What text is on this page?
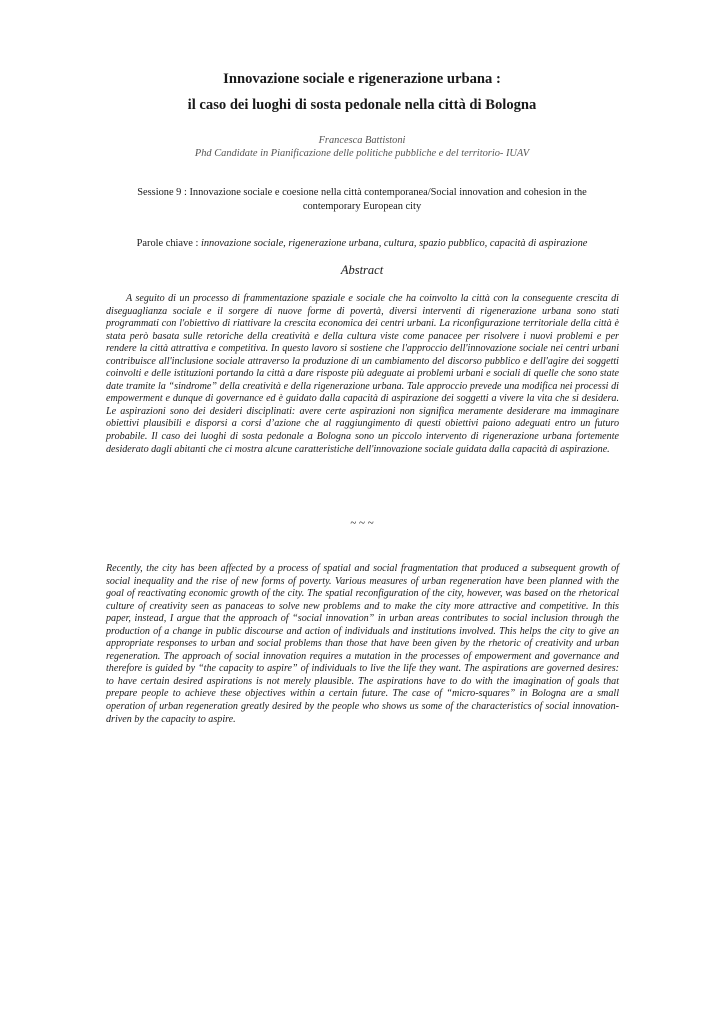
Innovazione sociale e rigenerazione urbana :
il caso dei luoghi di sosta pedonale nella città di Bologna
Francesca Battistoni
Phd Candidate in Pianificazione delle politiche pubbliche e del territorio- IUAV
Sessione 9 : Innovazione sociale e coesione nella città contemporanea/Social innovation and cohesion in the contemporary European city
Parole chiave : innovazione sociale, rigenerazione urbana, cultura, spazio pubblico, capacità di aspirazione
Abstract

A seguito di un processo di frammentazione spaziale e sociale che ha coinvolto la città con la conseguente crescita di diseguaglianza sociale e il sorgere di nuove forme di povertà, diversi interventi di rigenerazione urbana sono stati programmati con l'obiettivo di riattivare la crescita economica dei centri urbani. La riconfigurazione territoriale della città è stata però basata sulle retoriche della creatività e della cultura viste come panacee per risolvere i nuovi problemi e per rendere la città attrattiva e competitiva. In questo lavoro si sostiene che l'approccio dell'innovazione sociale nei centri urbani contribuisce all'inclusione sociale attraverso la produzione di un cambiamento del discorso pubblico e dell'agire dei soggetti coinvolti e delle istituzioni portando la città a dare risposte più adeguate ai problemi urbani e sociali di quelle che sono state date tramite la “sindrome” della creatività e della rigenerazione urbana. Tale approccio prevede una modifica nei processi di empowerment e dunque di governance ed è guidato dalla capacità di aspirazione dei soggetti a vivere la vita che si desidera. Le aspirazioni sono dei desideri disciplinati: avere certe aspirazioni non significa meramente desiderare ma immaginare obiettivi plausibili e disporsi a corsi d’azione che al raggiungimento di questi obiettivi paiono adeguati entro un futuro probabile. Il caso dei luoghi di sosta pedonale a Bologna sono un piccolo intervento di rigenerazione urbana fortemente desiderato dagli abitanti che ci mostra alcune caratteristiche dell'innovazione sociale guidata dalla capacità di aspirazione.

~ ~ ~

Recently, the city has been affected by a process of spatial and social fragmentation that produced a subsequent growth of social inequality and the rise of new forms of poverty. Various measures of urban regeneration have been planned with the goal of reactivating economic growth of the city. The spatial reconfiguration of the city, however, was based on the rhetorical culture of creativity seen as panaceas to solve new problems and to make the city more attractive and competitive. In this paper, instead, I argue that the approach of “social innovation” in urban areas contributes to social inclusion through the production of a change in public discourse and action of individuals and institutions involved. This helps the city to give an appropriate responses to urban and social problems than those that have been given by the rhetoric of creativity and urban regeneration. The approach of social innovation requires a mutation in the processes of empowerment and governance and therefore is guided by “the capacity to aspire” of individuals to live the life they want. The aspirations are governed desires: to have certain desired aspirations is not merely plausible. The aspirations have to do with the imagination of goals that prepare people to achieve these objectives within a certain future. The case of “micro-squares” in Bologna are a small operation of urban regeneration greatly desired by the people who shows us some of the characteristics of social innovation-driven by the capacity to aspire.
